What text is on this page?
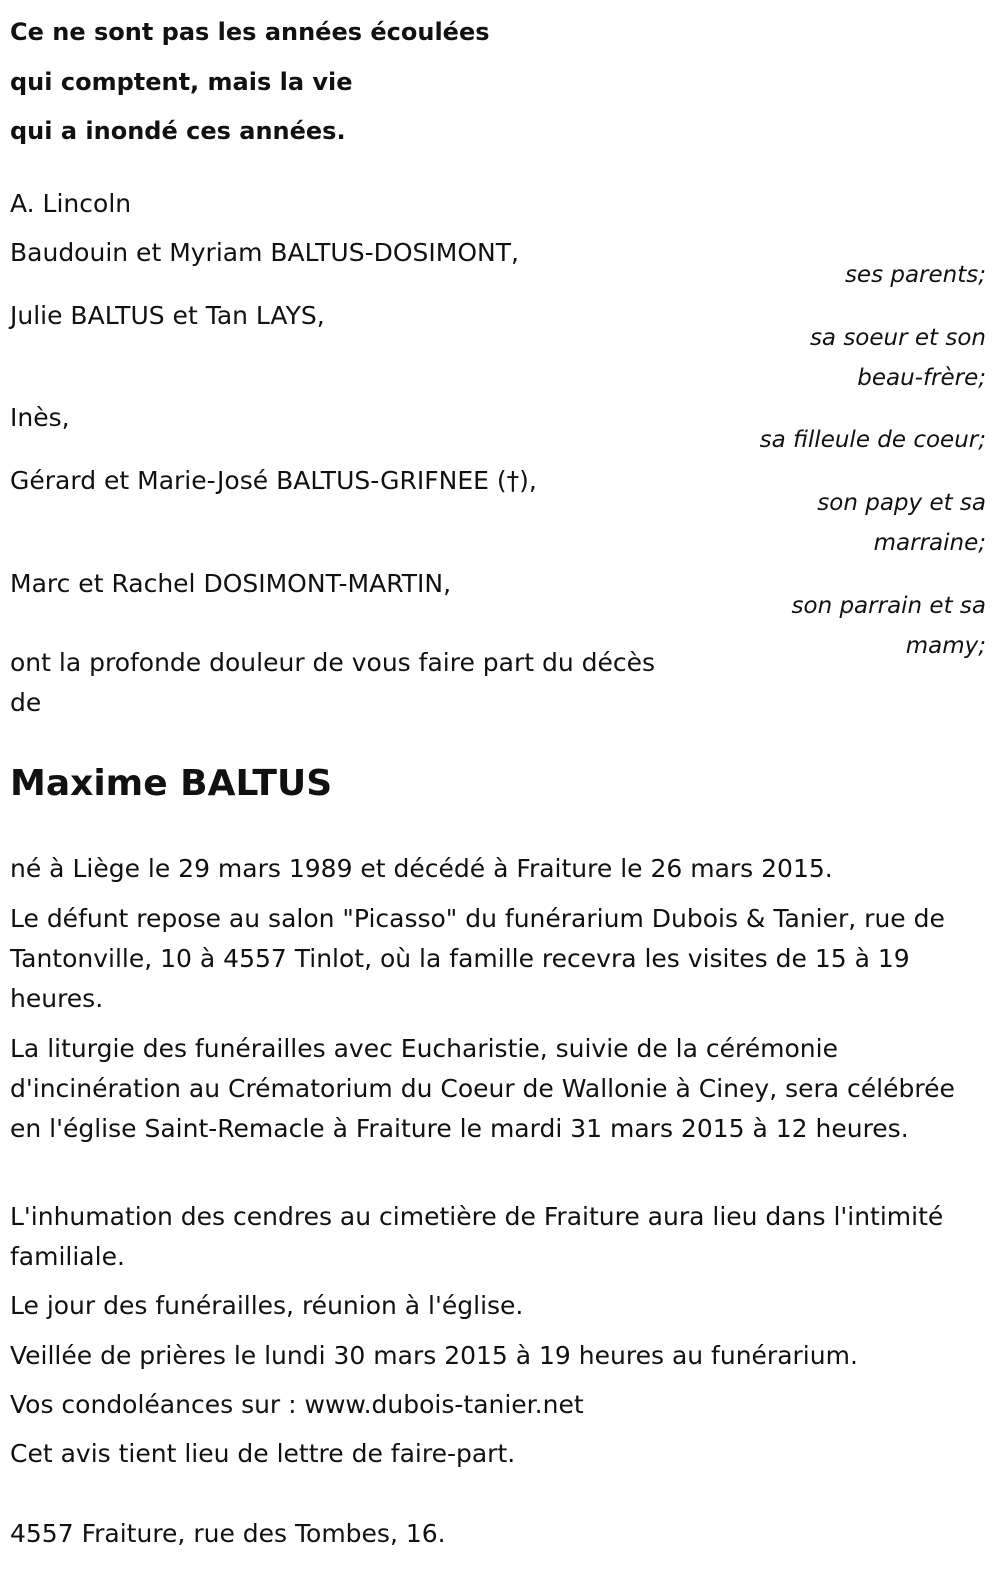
Ce ne sont pas les années écoulées
qui comptent, mais la vie
qui a inondé ces années.
A. Lincoln
Baudouin et Myriam BALTUS-DOSIMONT,
Julie BALTUS et Tan LAYS,
Inès,
Gérard et Marie-José BALTUS-GRIFNEE (†),
Marc et Rachel DOSIMONT-MARTIN,
ses parents;
sa soeur et son
beau-frère;
sa filleule de coeur;
son papy et sa
marraine;
son parrain et sa
mamy;
ont la profonde douleur de vous faire part du décès
de
Maxime BALTUS

né à Liège le 29 mars 1989 et décédé à Fraiture le 26 mars 2015.

Le défunt repose au salon "Picasso" du funérarium Dubois & Tanier, rue de Tantonville, 10 à 4557 Tinlot, où la famille recevra les visites de 15 à 19 heures.

La liturgie des funérailles avec Eucharistie, suivie de la cérémonie d'incinération au Crématorium du Coeur de Wallonie à Ciney, sera célébrée en l'église Saint-Remacle à Fraiture le mardi 31 mars 2015 à 12 heures.

L'inhumation des cendres au cimetière de Fraiture aura lieu dans l'intimité familiale.

Le jour des funérailles, réunion à l'église.

Veillée de prières le lundi 30 mars 2015 à 19 heures au funérarium.

Vos condoléances sur : www.dubois-tanier.net

Cet avis tient lieu de lettre de faire-part.

4557 Fraiture, rue des Tombes, 16.
